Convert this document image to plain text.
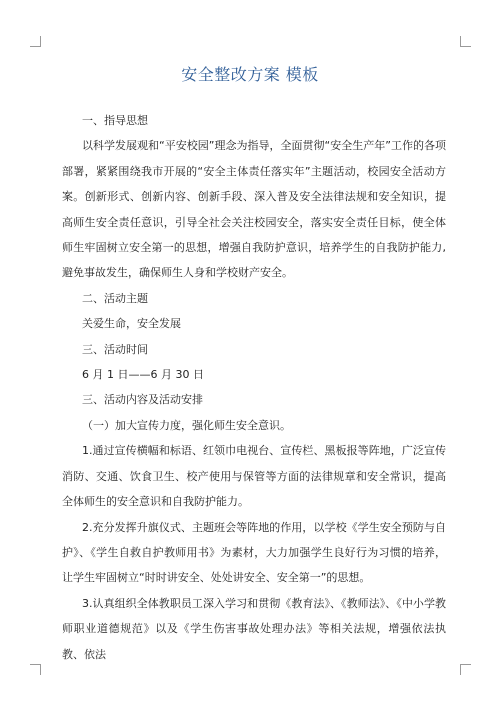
安全整改方案 模板

一、指导思想

以科学发展观和“平安校园”理念为指导，全面贯彻“安全生产年”工作的各项部署，紧紧围绕我市开展的“安全主体责任落实年”主题活动，校园安全活动方案。创新形式、创新内容、创新手段、深入普及安全法律法规和安全知识，提高师生安全责任意识，引导全社会关注校园安全，落实安全责任目标，使全体师生牢固树立安全第一的思想，增强自我防护意识，培养学生的自我防护能力,避免事故发生，确保师生人身和学校财产安全。

二、活动主题

关爱生命，安全发展

三、活动时间

6 月 1 日——6 月 30 日

三、活动内容及活动安排

（一）加大宣传力度，强化师生安全意识。

1.通过宣传横幅和标语、红领巾电视台、宣传栏、黑板报等阵地，广泛宣传消防、交通、饮食卫生、校产使用与保管等方面的法律规章和安全常识，提高全体师生的安全意识和自我防护能力。

2.充分发挥升旗仪式、主题班会等阵地的作用，以学校《学生安全预防与自护》、《学生自救自护教师用书》为素材，大力加强学生良好行为习惯的培养，让学生牢固树立“时时讲安全、处处讲安全、安全第一”的思想。

3.认真组织全体教职员工深入学习和贯彻《教育法》、《教师法》、《中小学教师职业道德规范》以及《学生伤害事故处理办法》等相关法规，增强依法执教、依法
